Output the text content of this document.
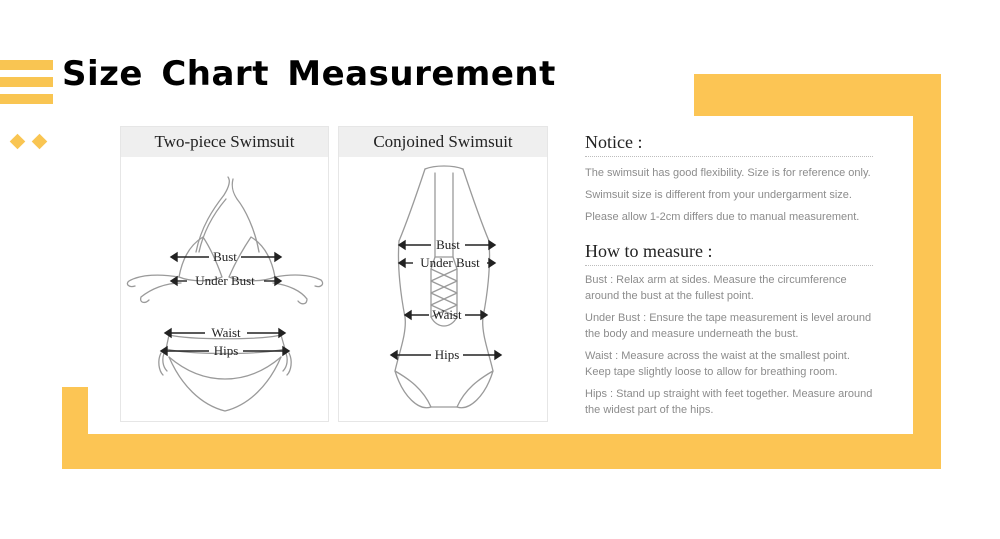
Size Chart Measurement
Two-piece Swimsuit
Bust
Under Bust
Waist
Hips
Conjoined Swimsuit
Bust
Under Bust
Waist
Hips

Notice :

The swimsuit has good flexibility. Size is for reference only.

Swimsuit size is different from your undergarment size.

Please allow 1-2cm differs due to manual measurement.

How to measure :

Bust : Relax arm at sides. Measure the circumference

around the bust at the fullest point.

Under Bust : Ensure the tape measurement is level around

the body and measure underneath the bust.

Waist : Measure across the waist at the smallest point.

Keep tape slightly loose to allow for breathing room.

Hips : Stand up straight with feet together. Measure around

the widest part of the hips.
